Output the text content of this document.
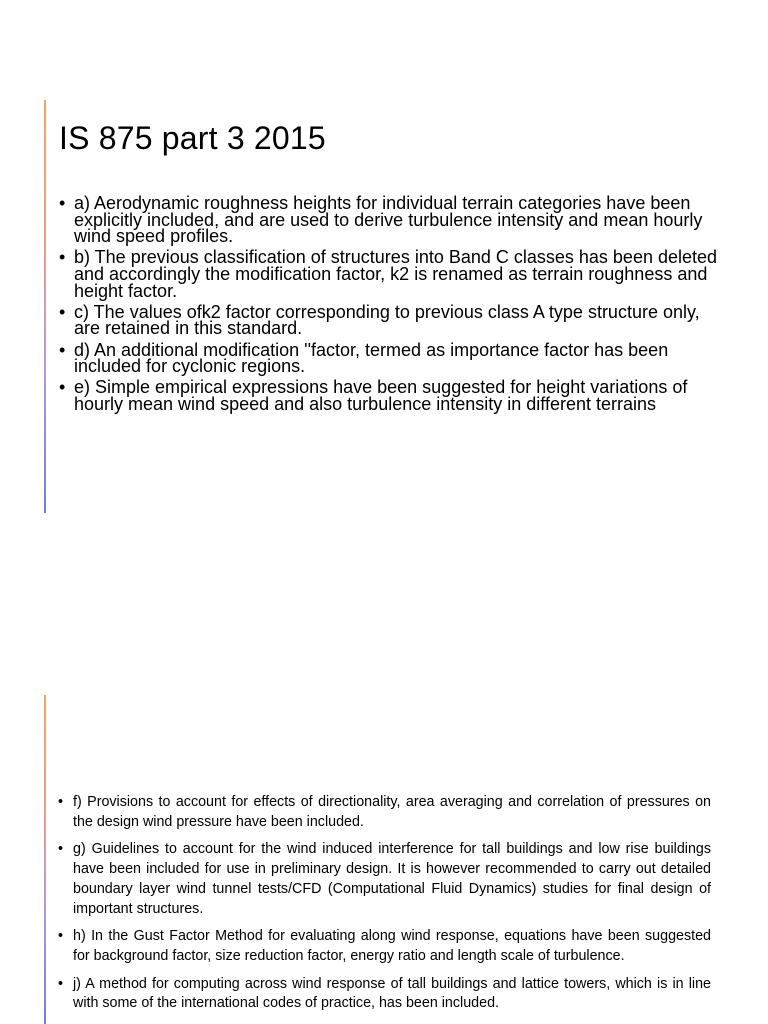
IS 875 part 3 2015
• a) Aerodynamic roughness heights for individual terrain categories have been explicitly included, and are used to derive turbulence intensity and mean hourly wind speed profiles.
• b) The previous classification of structures into Band C classes has been deleted and accordingly the modification factor, k2 is renamed as terrain roughness and height factor.
• c) The values ofk2 factor corresponding to previous class A type structure only, are retained in this standard.
• d) An additional modification ''factor, termed as importance factor has been included for cyclonic regions.
• e) Simple empirical expressions have been suggested for height variations of hourly mean wind speed and also turbulence intensity in different terrains
• f) Provisions to account for effects of directionality, area averaging and correlation of pressures on the design wind pressure have been included.
• g) Guidelines to account for the wind induced interference for tall buildings and low rise buildings have been included for use in preliminary design. It is however recommended to carry out detailed boundary layer wind tunnel tests/CFD (Computational Fluid Dynamics) studies for final design of important structures.
• h) In the Gust Factor Method for evaluating along wind response, equations have been suggested for background factor, size reduction factor, energy ratio and length scale of turbulence.
• j) A method for computing across wind response of tall buildings and lattice towers, which is in line with some of the international codes of practice, has been included.
